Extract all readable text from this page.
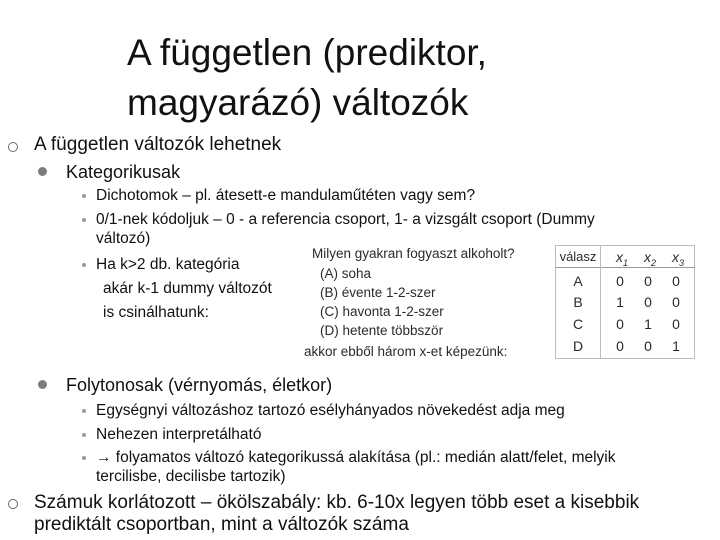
A független (prediktor,
magyarázó) változók
A független változók lehetnek
Kategorikusak
Dichotomok – pl. átesett-e mandulaműtéten vagy sem?
0/1-nek kódoljuk – 0 - a referencia csoport, 1- a vizsgált csoport (Dummy
változó)
Ha k>2 db. kategória
akár k-1 dummy változót
is csinálhatunk:
Milyen gyakran fogyaszt alkoholt?
(A) soha
(B) évente 1-2-szer
(C) havonta 1-2-szer
(D) hetente többször
akkor ebből három x-et képezünk:
válasz	$x_1$	$x_2$	$x_3$
A	0	0	0
B	1	0	0
C	0	1	0
D	0	0	1
Folytonosak (vérnyomás, életkor)
Egységnyi változáshoz tartozó esélyhányados növekedést adja meg
Nehezen interpretálható
→ folyamatos változó kategorikussá alakítása (pl.: medián alatt/felet, melyik
tercilisbe, decilisbe tartozik)
Számuk korlátozott – ökölszabály: kb. 6-10x legyen több eset a kisebbik
prediktált csoportban, mint a változók száma
